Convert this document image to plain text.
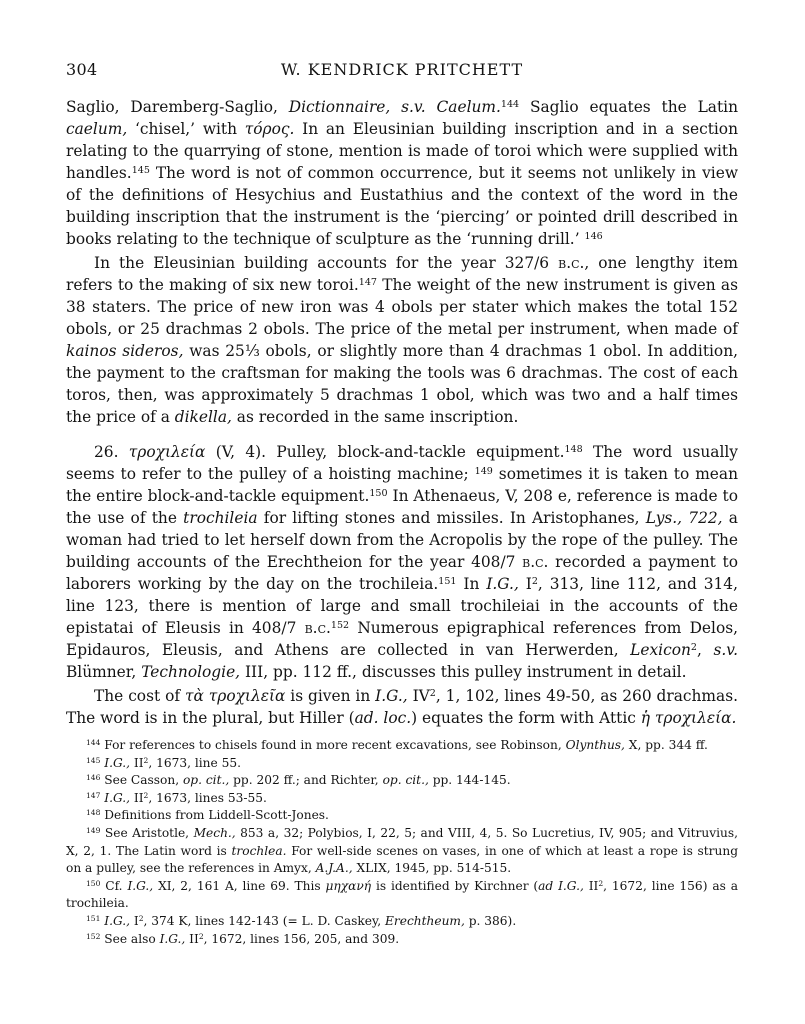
304	W. KENDRICK PRITCHETT

Saglio, Daremberg-Saglio, Dictionnaire, s.v. Caelum.$^{144}$ Saglio equates the Latin caelum, ‘chisel,’ with τόρος. In an Eleusinian building inscription and in a section relating to the quarrying of stone, mention is made of toroi which were supplied with handles.$^{145}$ The word is not of common occurrence, but it seems not unlikely in view of the definitions of Hesychius and Eustathius and the context of the word in the building inscription that the instrument is the ‘piercing’ or pointed drill described in books relating to the technique of sculpture as the ‘running drill.’ $^{146}$

In the Eleusinian building accounts for the year 327/6 b.c., one lengthy item refers to the making of six new toroi.$^{147}$ The weight of the new instrument is given as 38 staters. The price of new iron was 4 obols per stater which makes the total 152 obols, or 25 drachmas 2 obols. The price of the metal per instrument, when made of kainos sideros, was 25⅓ obols, or slightly more than 4 drachmas 1 obol. In addition, the payment to the craftsman for making the tools was 6 drachmas. The cost of each toros, then, was approximately 5 drachmas 1 obol, which was two and a half times the price of a dikella, as recorded in the same inscription.

26. τροχιλεία (V, 4). Pulley, block-and-tackle equipment.$^{148}$ The word usually seems to refer to the pulley of a hoisting machine; $^{149}$ sometimes it is taken to mean the entire block-and-tackle equipment.$^{150}$ In Athenaeus, V, 208 e, reference is made to the use of the trochileia for lifting stones and missiles. In Aristophanes, Lys., 722, a woman had tried to let herself down from the Acropolis by the rope of the pulley. The building accounts of the Erechtheion for the year 408/7 b.c. recorded a payment to laborers working by the day on the trochileia.$^{151}$ In I.G., $I^2$, 313, line 112, and 314, line 123, there is mention of large and small trochileiai in the accounts of the epistatai of Eleusis in 408/7 b.c.$^{152}$ Numerous epigraphical references from Delos, Epidauros, Eleusis, and Athens are collected in van Herwerden, Lexicon$^2$, s.v. Blümner, Technologie, III, pp. 112 ff., discusses this pulley instrument in detail.

The cost of τὰ τροχιλεῖα is given in I.G., $IV^2$, 1, 102, lines 49-50, as 260 drachmas. The word is in the plural, but Hiller (ad. loc.) equates the form with Attic ἡ τροχιλεία.

$^{144}$ For references to chisels found in more recent excavations, see Robinson, Olynthus, X, pp. 344 ff.
$^{145}$ I.G., $II^2$, 1673, line 55.
$^{146}$ See Casson, op. cit., pp. 202 ff.; and Richter, op. cit., pp. 144-145.
$^{147}$ I.G., $II^2$, 1673, lines 53-55.
$^{148}$ Definitions from Liddell-Scott-Jones.
$^{149}$ See Aristotle, Mech., 853 a, 32; Polybios, I, 22, 5; and VIII, 4, 5. So Lucretius, IV, 905; and Vitruvius, X, 2, 1. The Latin word is trochlea. For well-side scenes on vases, in one of which at least a rope is strung on a pulley, see the references in Amyx, A.J.A., XLIX, 1945, pp. 514-515.
$^{150}$ Cf. I.G., XI, 2, 161 A, line 69. This μηχανή is identified by Kirchner (ad I.G., $II^2$, 1672, line 156) as a trochileia.
$^{151}$ I.G., $I^2$, 374 K, lines 142-143 (= L. D. Caskey, Erechtheum, p. 386).
$^{152}$ See also I.G., $II^2$, 1672, lines 156, 205, and 309.
